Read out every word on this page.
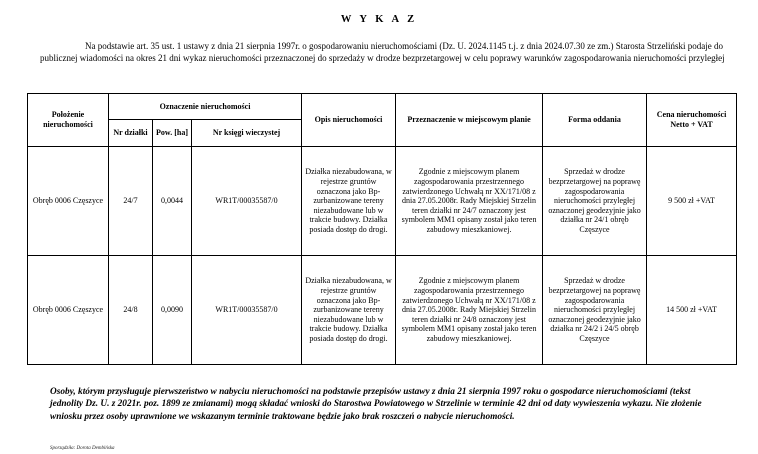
W Y K A Z
Na podstawie art. 35 ust. 1 ustawy z dnia 21 sierpnia 1997r. o gospodarowaniu nieruchomościami (Dz. U. 2024.1145 t.j. z dnia 2024.07.30 ze zm.) Starosta Strzeliński podaje do publicznej wiadomości na okres 21 dni wykaz nieruchomości przeznaczonej do sprzedaży w drodze bezprzetargowej w celu poprawy warunków zagospodarowania nieruchomości przyległej
Położenie nieruchomości	Oznaczenie nieruchomości			Opis nieruchomości	Przeznaczenie w miejscowym planie	Forma oddania	Cena nieruchomości Netto + VAT
	Nr działki	Pow. [ha]	Nr księgi wieczystej				
Obręb 0006 Częszyce	24/7	0,0044	WR1T/00035587/0	Działka niezabudowana, w rejestrze gruntów oznaczona jako Bp-zurbanizowane tereny niezabudowane lub w trakcie budowy. Działka posiada dostęp do drogi.	Zgodnie z miejscowym planem zagospodarowania przestrzennego zatwierdzonego Uchwałą nr XX/171/08 z dnia 27.05.2008r. Rady Miejskiej Strzelin teren działki nr 24/7 oznaczony jest symbolem MM1 opisany został jako teren zabudowy mieszkaniowej.	Sprzedaż w drodze bezprzetargowej na poprawę zagospodarowania nieruchomości przyległej oznaczonej geodezyjnie jako działka nr 24/1 obręb Częszyce	9 500 zł +VAT
Obręb 0006 Częszyce	24/8	0,0090	WR1T/00035587/0	Działka niezabudowana, w rejestrze gruntów oznaczona jako Bp-zurbanizowane tereny niezabudowane lub w trakcie budowy. Działka posiada dostęp do drogi.	Zgodnie z miejscowym planem zagospodarowania przestrzennego zatwierdzonego Uchwałą nr XX/171/08 z dnia 27.05.2008r. Rady Miejskiej Strzelin teren działki nr 24/8 oznaczony jest symbolem MM1 opisany został jako teren zabudowy mieszkaniowej.	Sprzedaż w drodze bezprzetargowej na poprawę zagospodarowania nieruchomości przyległej oznaczonej geodezyjnie jako działka nr 24/2 i 24/5 obręb Częszyce	14 500 zł +VAT
Osoby, którym przysługuje pierwszeństwo w nabyciu nieruchomości na podstawie przepisów ustawy z dnia 21 sierpnia 1997 roku o gospodarce nieruchomościami (tekst jednolity Dz. U. z 2021r. poz. 1899 ze zmianami) mogą składać wnioski do Starostwa Powiatowego w Strzelinie w terminie 42 dni od daty wywieszenia wykazu. Nie złożenie wniosku przez osoby uprawnione we wskazanym terminie traktowane będzie jako brak roszczeń o nabycie nieruchomości.
Sporządziła: Dorota Dembińska
